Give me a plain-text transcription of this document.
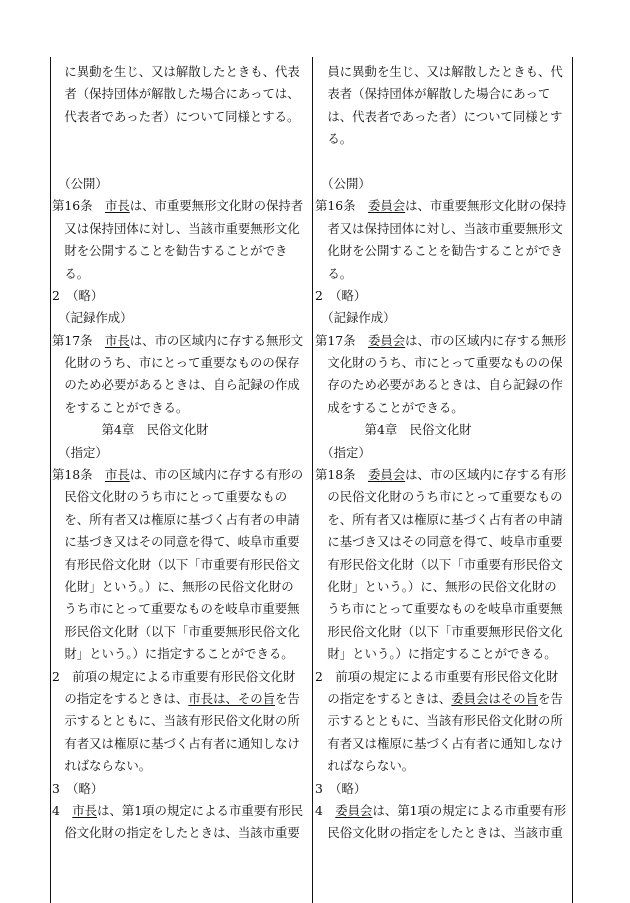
　に異動を生じ、又は解散したときも、代表
　者（保持団体が解散した場合にあっては、
　代表者であった者）について同様とする。
　（公開）
第16条　市長は、市重要無形文化財の保持者
　又は保持団体に対し、当該市重要無形文化
　財を公開することを勧告することができ
　る。
2　（略）
　（記録作成）
第17条　市長は、市の区域内に存する無形文
　化財のうち、市にとって重要なものの保存
　のため必要があるときは、自ら記録の作成
　をすることができる。
　　　　第4章　民俗文化財
　（指定）
第18条　市長は、市の区域内に存する有形の
　民俗文化財のうち市にとって重要なもの
　を、所有者又は権原に基づく占有者の申請
　に基づき又はその同意を得て、岐阜市重要
　有形民俗文化財（以下「市重要有形民俗文
　化財」という。）に、無形の民俗文化財の
　うち市にとって重要なものを岐阜市重要無
　形民俗文化財（以下「市重要無形民俗文化
　財」という。）に指定することができる。
2　前項の規定による市重要有形民俗文化財
　の指定をするときは、市長は、その旨を告
　示するとともに、当該有形民俗文化財の所
　有者又は権原に基づく占有者に通知しなけ
　ればならない。
3　（略）
4　市長は、第1項の規定による市重要有形民
　俗文化財の指定をしたときは、当該市重要
　員に異動を生じ、又は解散したときも、代
　表者（保持団体が解散した場合にあって
　は、代表者であった者）について同様とす
　る。
　（公開）
第16条　委員会は、市重要無形文化財の保持
　者又は保持団体に対し、当該市重要無形文
　化財を公開することを勧告することができ
　る。
2　（略）
　（記録作成）
第17条　委員会は、市の区域内に存する無形
　文化財のうち、市にとって重要なものの保
　存のため必要があるときは、自ら記録の作
　成をすることができる。
　　　　第4章　民俗文化財
　（指定）
第18条　委員会は、市の区域内に存する有形
　の民俗文化財のうち市にとって重要なもの
　を、所有者又は権原に基づく占有者の申請
　に基づき又はその同意を得て、岐阜市重要
　有形民俗文化財（以下「市重要有形民俗文
　化財」という。）に、無形の民俗文化財の
　うち市にとって重要なものを岐阜市重要無
　形民俗文化財（以下「市重要無形民俗文化
　財」という。）に指定することができる。
2　前項の規定による市重要有形民俗文化財
　の指定をするときは、委員会はその旨を告
　示するとともに、当該有形民俗文化財の所
　有者又は権原に基づく占有者に通知しなけ
　ればならない。
3　（略）
4　委員会は、第1項の規定による市重要有形
　民俗文化財の指定をしたときは、当該市重
